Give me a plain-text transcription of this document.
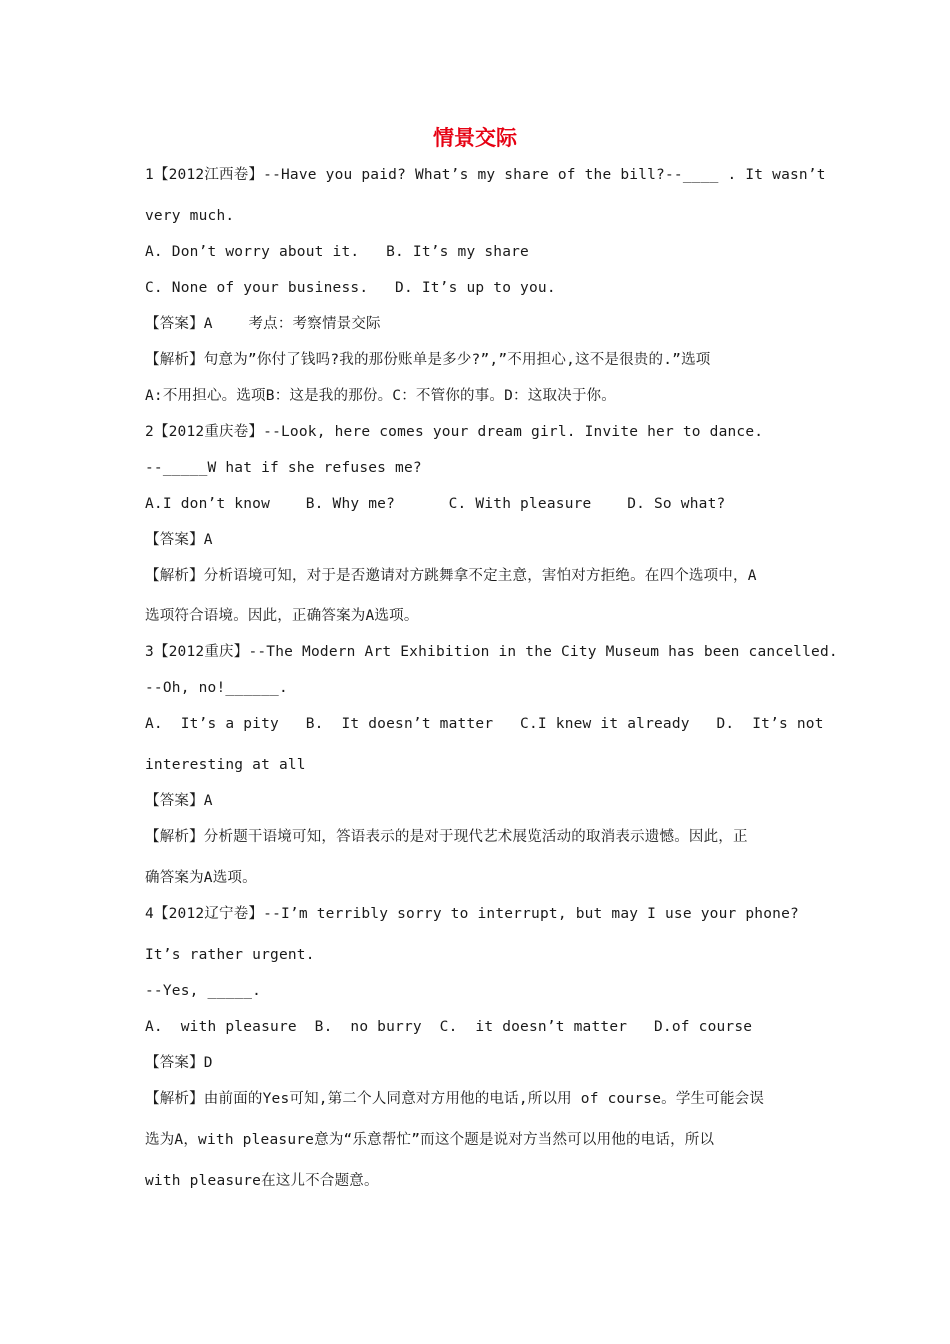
情景交际
1【2012江西卷】--Have you paid? What’s my share of the bill?--____ . It wasn’t
very much.
A. Don’t worry about it.   B. It’s my share
C. None of your business.   D. It’s up to you.
【答案】A    考点：考察情景交际
【解析】句意为”你付了钱吗?我的那份账单是多少?”,”不用担心,这不是很贵的.”选项
A:不用担心。选项B：这是我的那份。C：不管你的事。D：这取决于你。
2【2012重庆卷】--Look, here comes your dream girl. Invite her to dance.
--_____W hat if she refuses me?
A.I don’t know    B. Why me?      C. With pleasure    D. So what?
【答案】A
【解析】分析语境可知，对于是否邀请对方跳舞拿不定主意，害怕对方拒绝。在四个选项中，A
选项符合语境。因此，正确答案为A选项。
3【2012重庆】--The Modern Art Exhibition in the City Museum has been cancelled.
--Oh, no!______.
A.  It’s a pity   B.  It doesn’t matter   C.I knew it already   D.  It’s not
interesting at all
【答案】A
【解析】分析题干语境可知，答语表示的是对于现代艺术展览活动的取消表示遗憾。因此，正
确答案为A选项。
4【2012辽宁卷】--I’m terribly sorry to interrupt, but may I use your phone?
It’s rather urgent.
--Yes, _____.
A.  with pleasure  B.  no burry  C.  it doesn’t matter   D.of course
【答案】D
【解析】由前面的Yes可知,第二个人同意对方用他的电话,所以用 of course。学生可能会误
选为A，with pleasure意为“乐意帮忙”而这个题是说对方当然可以用他的电话，所以
with pleasure在这儿不合题意。
